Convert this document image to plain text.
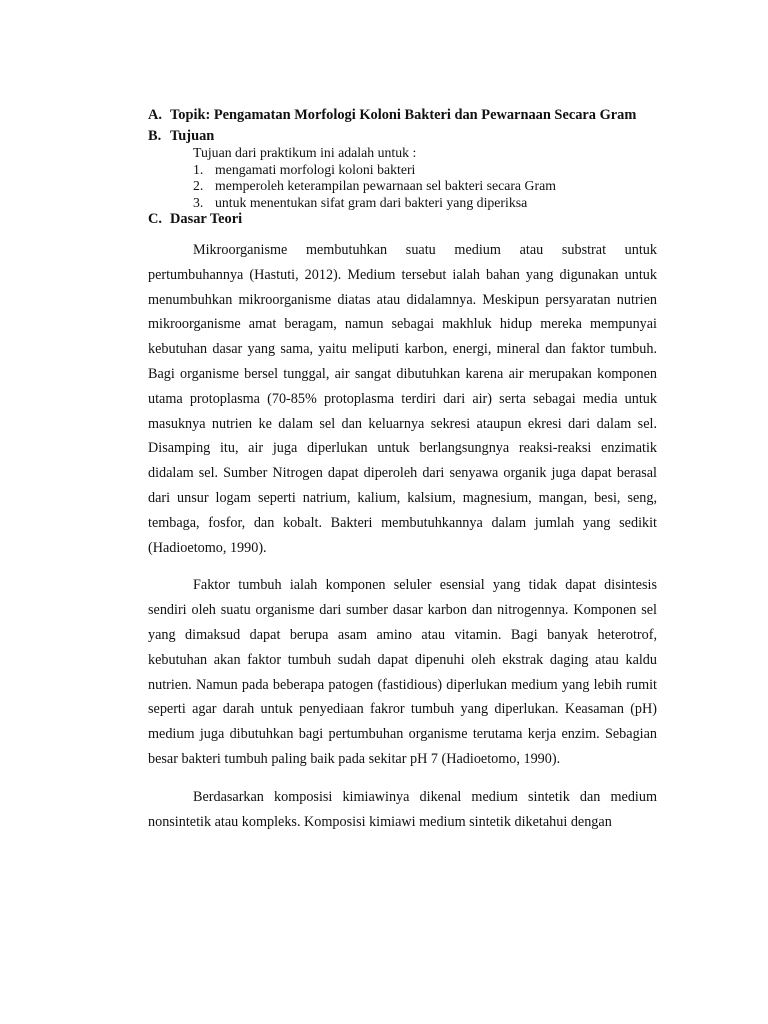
A. Topik: Pengamatan Morfologi Koloni Bakteri dan Pewarnaan Secara Gram
B. Tujuan
Tujuan dari praktikum ini adalah untuk :
1. mengamati morfologi koloni bakteri
2. memperoleh keterampilan pewarnaan sel bakteri secara Gram
3. untuk menentukan sifat gram dari bakteri yang diperiksa
C. Dasar Teori

Mikroorganisme membutuhkan suatu medium atau substrat untuk pertumbuhannya (Hastuti, 2012). Medium tersebut ialah bahan yang digunakan untuk menumbuhkan mikroorganisme diatas atau didalamnya. Meskipun persyaratan nutrien mikroorganisme amat beragam, namun sebagai makhluk hidup mereka mempunyai kebutuhan dasar yang sama, yaitu meliputi karbon, energi, mineral dan faktor tumbuh. Bagi organisme bersel tunggal, air sangat dibutuhkan karena air merupakan komponen utama protoplasma (70-85% protoplasma terdiri dari air) serta sebagai media untuk masuknya nutrien ke dalam sel dan keluarnya sekresi ataupun ekresi dari dalam sel. Disamping itu, air juga diperlukan untuk berlangsungnya reaksi-reaksi enzimatik didalam sel. Sumber Nitrogen dapat diperoleh dari senyawa organik juga dapat berasal dari unsur logam seperti natrium, kalium, kalsium, magnesium, mangan, besi, seng, tembaga, fosfor, dan kobalt. Bakteri membutuhkannya dalam jumlah yang sedikit (Hadioetomo, 1990).

Faktor tumbuh ialah komponen seluler esensial yang tidak dapat disintesis sendiri oleh suatu organisme dari sumber dasar karbon dan nitrogennya. Komponen sel yang dimaksud dapat berupa asam amino atau vitamin. Bagi banyak heterotrof, kebutuhan akan faktor tumbuh sudah dapat dipenuhi oleh ekstrak daging atau kaldu nutrien. Namun pada beberapa patogen (fastidious) diperlukan medium yang lebih rumit seperti agar darah untuk penyediaan fakror tumbuh yang diperlukan. Keasaman (pH) medium juga dibutuhkan bagi pertumbuhan organisme terutama kerja enzim. Sebagian besar bakteri tumbuh paling baik pada sekitar pH 7 (Hadioetomo, 1990).

Berdasarkan komposisi kimiawinya dikenal medium sintetik dan medium nonsintetik atau kompleks. Komposisi kimiawi medium sintetik diketahui dengan
